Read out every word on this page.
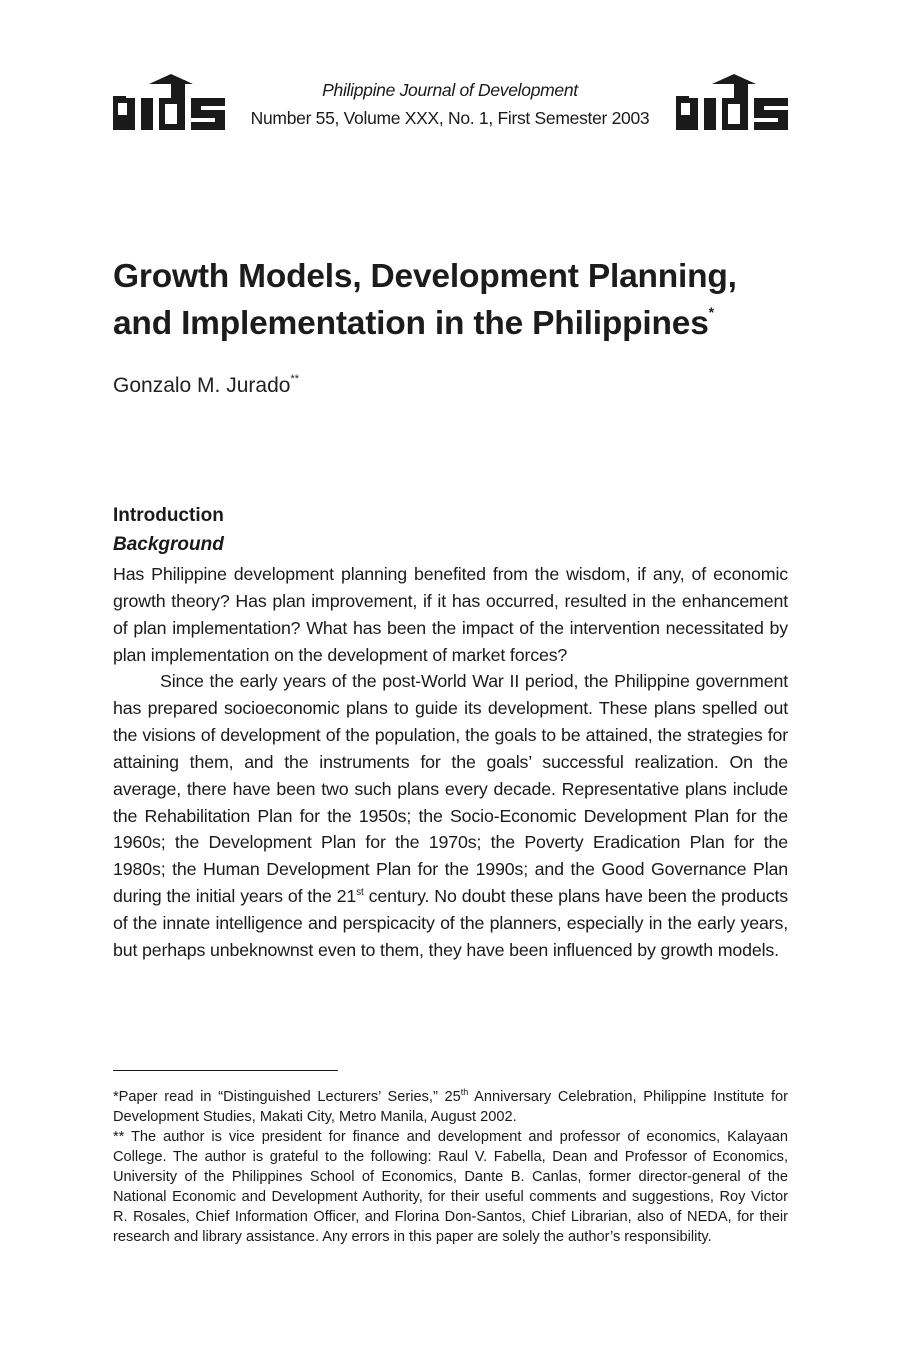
Philippine Journal of Development
Number 55, Volume XXX, No. 1, First Semester 2003
Growth Models, Development Planning,
and Implementation in the Philippines*
Gonzalo M. Jurado**
Introduction
Background

Has Philippine development planning benefited from the wisdom, if any, of economic growth theory? Has plan improvement, if it has occurred, resulted in the enhancement of plan implementation? What has been the impact of the intervention necessitated by plan implementation on the development of market forces?

Since the early years of the post-World War II period, the Philippine government has prepared socioeconomic plans to guide its development. These plans spelled out the visions of development of the population, the goals to be attained, the strategies for attaining them, and the instruments for the goals’ successful realization. On the average, there have been two such plans every decade. Representative plans include the Rehabilitation Plan for the 1950s; the Socio-Economic Development Plan for the 1960s; the Development Plan for the 1970s; the Poverty Eradication Plan for the 1980s; the Human Development Plan for the 1990s; and the Good Governance Plan during the initial years of the 21st century. No doubt these plans have been the products of the innate intelligence and perspicacity of the planners, especially in the early years, but perhaps unbeknownst even to them, they have been influenced by growth models.

*Paper read in “Distinguished Lecturers’ Series,” 25th Anniversary Celebration, Philippine Institute for Development Studies, Makati City, Metro Manila, August 2002.

** The author is vice president for finance and development and professor of economics, Kalayaan College. The author is grateful to the following: Raul V. Fabella, Dean and Professor of Economics, University of the Philippines School of Economics, Dante B. Canlas, former director-general of the National Economic and Development Authority, for their useful comments and suggestions, Roy Victor R. Rosales, Chief Information Officer, and Florina Don-Santos, Chief Librarian, also of NEDA, for their research and library assistance. Any errors in this paper are solely the author’s responsibility.
